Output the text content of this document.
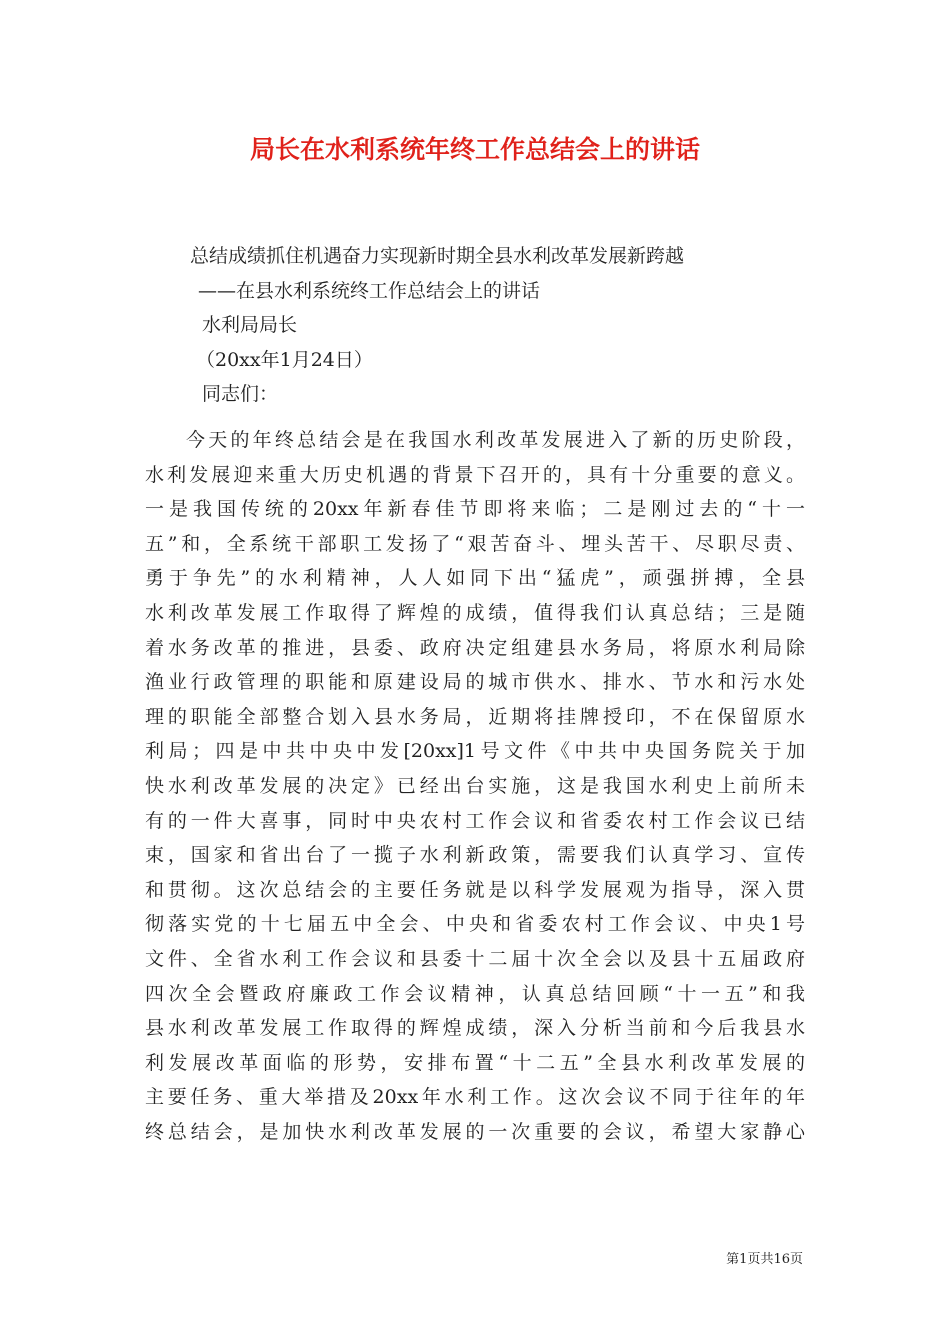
局长在水利系统年终工作总结会上的讲话
总结成绩抓住机遇奋力实现新时期全县水利改革发展新跨越
——在县水利系统终工作总结会上的讲话
水利局局长
（20xx年1月24日）
同志们：
今天的年终总结会是在我国水利改革发展进入了新的历史阶段，
水利发展迎来重大历史机遇的背景下召开的，具有十分重要的意义。
一是我国传统的20xx年新春佳节即将来临；二是刚过去的“十一
五”和，全系统干部职工发扬了“艰苦奋斗、埋头苦干、尽职尽责、
勇于争先”的水利精神，人人如同下出“猛虎”，顽强拼搏，全县
水利改革发展工作取得了辉煌的成绩，值得我们认真总结；三是随
着水务改革的推进，县委、政府决定组建县水务局，将原水利局除
渔业行政管理的职能和原建设局的城市供水、排水、节水和污水处
理的职能全部整合划入县水务局，近期将挂牌授印，不在保留原水
利局；四是中共中央中发[20xx]1号文件《中共中央国务院关于加
快水利改革发展的决定》已经出台实施，这是我国水利史上前所未
有的一件大喜事，同时中央农村工作会议和省委农村工作会议已结
束，国家和省出台了一揽子水利新政策，需要我们认真学习、宣传
和贯彻。这次总结会的主要任务就是以科学发展观为指导，深入贯
彻落实党的十七届五中全会、中央和省委农村工作会议、中央1号
文件、全省水利工作会议和县委十二届十次全会以及县十五届政府
四次全会暨政府廉政工作会议精神，认真总结回顾“十一五”和我
县水利改革发展工作取得的辉煌成绩，深入分析当前和今后我县水
利发展改革面临的形势，安排布置“十二五”全县水利改革发展的
主要任务、重大举措及20xx年水利工作。这次会议不同于往年的年
终总结会，是加快水利改革发展的一次重要的会议，希望大家静心
第1页共16页
